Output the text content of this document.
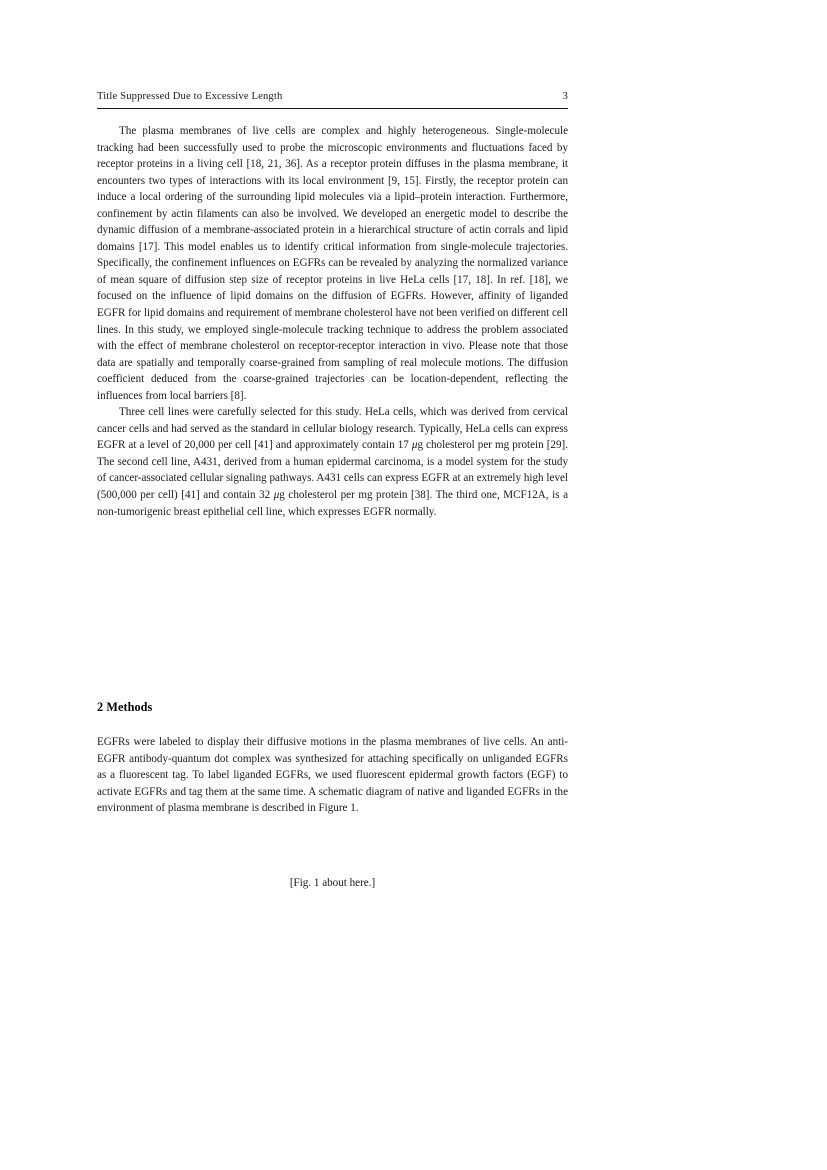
Title Suppressed Due to Excessive Length	3

The plasma membranes of live cells are complex and highly heterogeneous. Single-molecule tracking had been successfully used to probe the microscopic environments and fluctuations faced by receptor proteins in a living cell [18, 21, 36]. As a receptor protein diffuses in the plasma membrane, it encounters two types of interactions with its local environment [9, 15]. Firstly, the receptor protein can induce a local ordering of the surrounding lipid molecules via a lipid–protein interaction. Furthermore, confinement by actin filaments can also be involved. We developed an energetic model to describe the dynamic diffusion of a membrane-associated protein in a hierarchical structure of actin corrals and lipid domains [17]. This model enables us to identify critical information from single-molecule trajectories. Specifically, the confinement influences on EGFRs can be revealed by analyzing the normalized variance of mean square of diffusion step size of receptor proteins in live HeLa cells [17, 18]. In ref. [18], we focused on the influence of lipid domains on the diffusion of EGFRs. However, affinity of liganded EGFR for lipid domains and requirement of membrane cholesterol have not been verified on different cell lines. In this study, we employed single-molecule tracking technique to address the problem associated with the effect of membrane cholesterol on receptor-receptor interaction in vivo. Please note that those data are spatially and temporally coarse-grained from sampling of real molecule motions. The diffusion coefficient deduced from the coarse-grained trajectories can be location-dependent, reflecting the influences from local barriers [8].

Three cell lines were carefully selected for this study. HeLa cells, which was derived from cervical cancer cells and had served as the standard in cellular biology research. Typically, HeLa cells can express EGFR at a level of 20,000 per cell [41] and approximately contain 17 μg cholesterol per mg protein [29]. The second cell line, A431, derived from a human epidermal carcinoma, is a model system for the study of cancer-associated cellular signaling pathways. A431 cells can express EGFR at an extremely high level (500,000 per cell) [41] and contain 32 μg cholesterol per mg protein [38]. The third one, MCF12A, is a non-tumorigenic breast epithelial cell line, which expresses EGFR normally.

2 Methods

EGFRs were labeled to display their diffusive motions in the plasma membranes of live cells. An anti-EGFR antibody-quantum dot complex was synthesized for attaching specifically on unliganded EGFRs as a fluorescent tag. To label liganded EGFRs, we used fluorescent epidermal growth factors (EGF) to activate EGFRs and tag them at the same time. A schematic diagram of native and liganded EGFRs in the environment of plasma membrane is described in Figure 1.

[Fig. 1 about here.]
